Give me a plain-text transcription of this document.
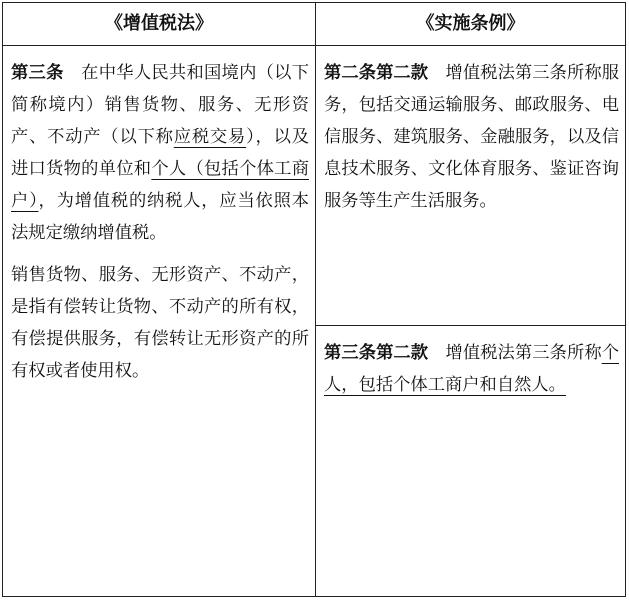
《增值税法》	《实施条例》

第三条  在中华人民共和国境内（以下简称境内）销售货物、服务、无形资产、不动产（以下称应税交易），以及进口货物的单位和个人（包括个体工商户），为增值税的纳税人，应当依照本法规定缴纳增值税。

销售货物、服务、无形资产、不动产，是指有偿转让货物、不动产的所有权，有偿提供服务，有偿转让无形资产的所有权或者使用权。

第二条第二款  增值税法第三条所称服务，包括交通运输服务、邮政服务、电信服务、建筑服务、金融服务，以及信息技术服务、文化体育服务、鉴证咨询服务等生产生活服务。

第三条第二款  增值税法第三条所称个人，包括个体工商户和自然人。
